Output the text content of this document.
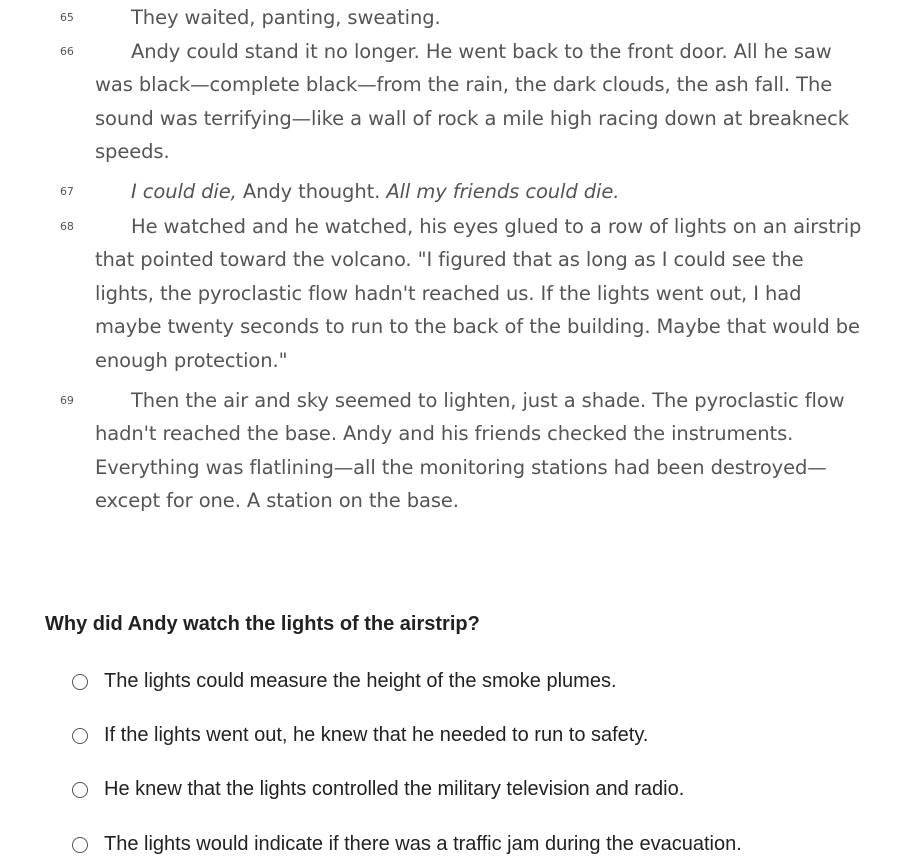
65	They waited, panting, sweating.
66	Andy could stand it no longer. He went back to the front door. All he saw was black—complete black—from the rain, the dark clouds, the ash fall. The sound was terrifying—like a wall of rock a mile high racing down at breakneck speeds.
67	I could die, Andy thought. All my friends could die.
68	He watched and he watched, his eyes glued to a row of lights on an airstrip that pointed toward the volcano. "I figured that as long as I could see the lights, the pyroclastic flow hadn't reached us. If the lights went out, I had maybe twenty seconds to run to the back of the building. Maybe that would be enough protection."
69	Then the air and sky seemed to lighten, just a shade. The pyroclastic flow hadn't reached the base. Andy and his friends checked the instruments. Everything was flatlining—all the monitoring stations had been destroyed—except for one. A station on the base.
Why did Andy watch the lights of the airstrip?
The lights could measure the height of the smoke plumes.
If the lights went out, he knew that he needed to run to safety.
He knew that the lights controlled the military television and radio.
The lights would indicate if there was a traffic jam during the evacuation.
